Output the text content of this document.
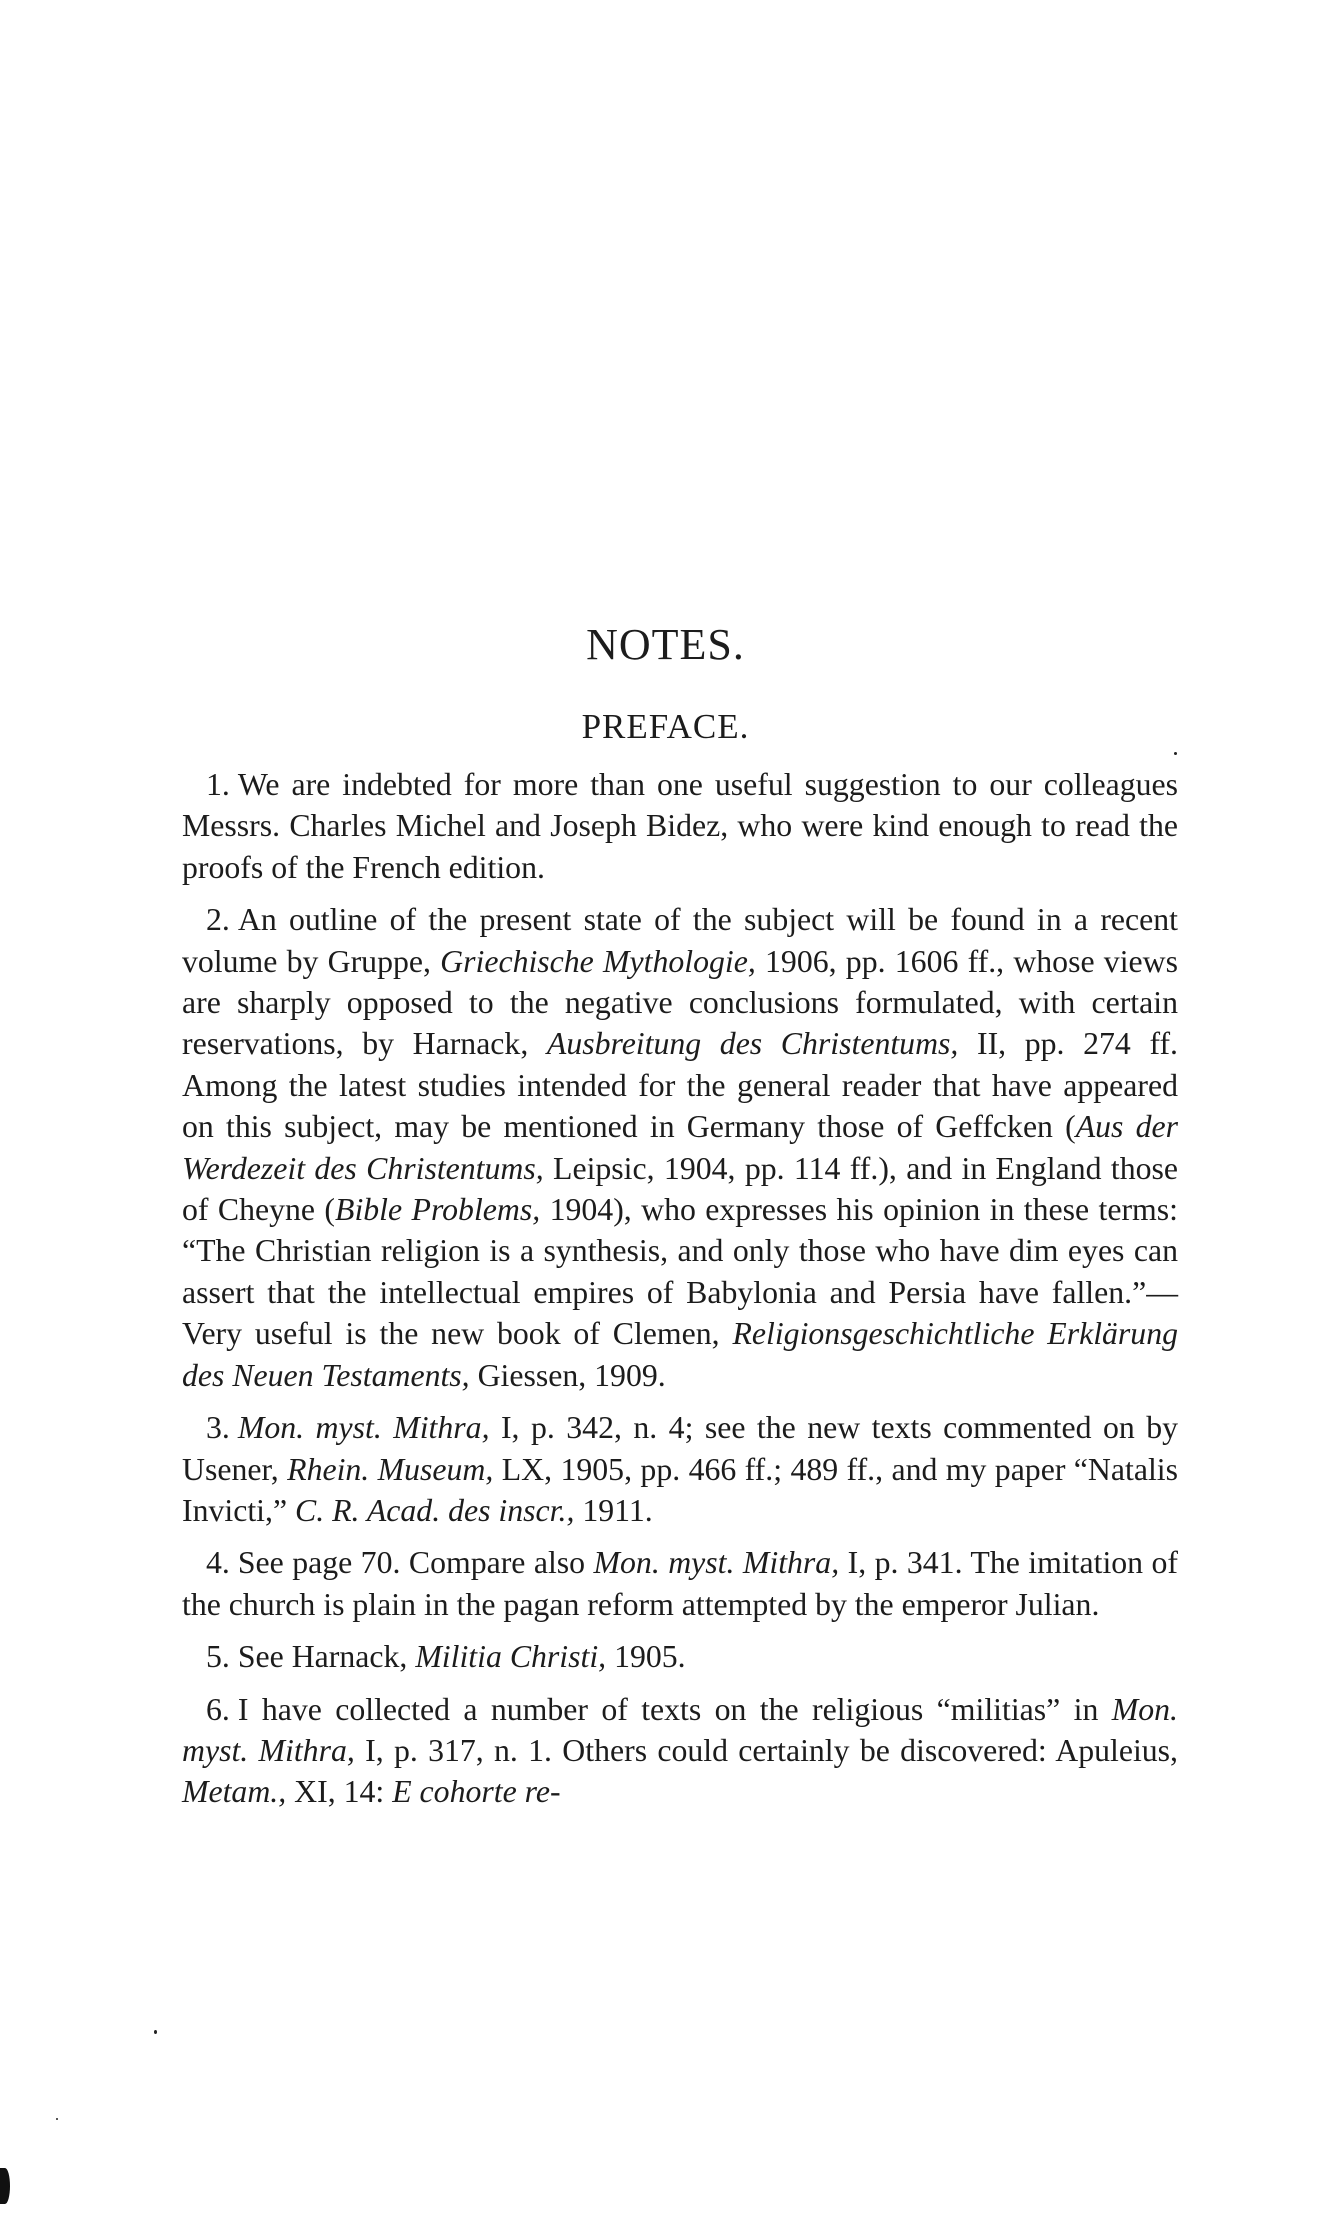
NOTES.
PREFACE.

1. We are indebted for more than one useful suggestion to our colleagues Messrs. Charles Michel and Joseph Bidez, who were kind enough to read the proofs of the French edition.

2. An outline of the present state of the subject will be found in a recent volume by Gruppe, Griechische Mythologie, 1906, pp. 1606 ff., whose views are sharply opposed to the negative conclusions formulated, with certain reservations, by Harnack, Ausbreitung des Christentums, II, pp. 274 ff. Among the latest studies intended for the general reader that have appeared on this subject, may be mentioned in Germany those of Geffcken (Aus der Werdezeit des Christentums, Leipsic, 1904, pp. 114 ff.), and in England those of Cheyne (Bible Problems, 1904), who expresses his opinion in these terms: “The Christian religion is a synthesis, and only those who have dim eyes can assert that the intellectual empires of Babylonia and Persia have fallen.”—Very useful is the new book of Clemen, Religionsgeschichtliche Erklärung des Neuen Testaments, Giessen, 1909.

3. Mon. myst. Mithra, I, p. 342, n. 4; see the new texts commented on by Usener, Rhein. Museum, LX, 1905, pp. 466 ff.; 489 ff., and my paper “Natalis Invicti,” C. R. Acad. des inscr., 1911.

4. See page 70. Compare also Mon. myst. Mithra, I, p. 341. The imitation of the church is plain in the pagan reform attempted by the emperor Julian.

5. See Harnack, Militia Christi, 1905.

6. I have collected a number of texts on the religious “militias” in Mon. myst. Mithra, I, p. 317, n. 1. Others could certainly be discovered: Apuleius, Metam., XI, 14: E cohorte re-
